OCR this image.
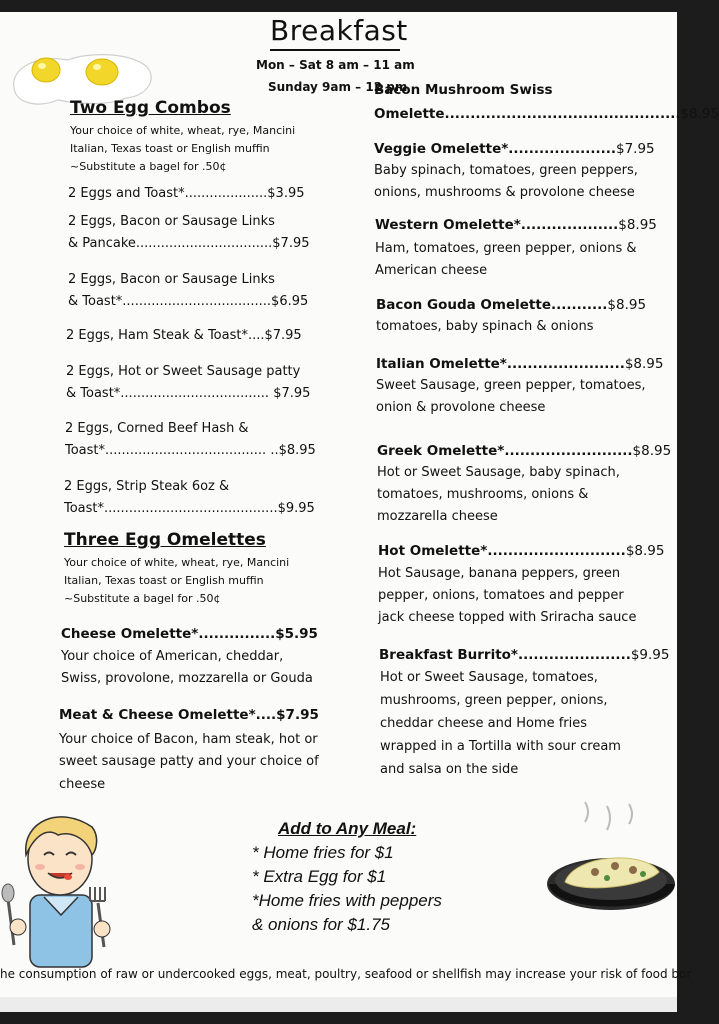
Breakfast
Mon – Sat 8 am – 11 am
Sunday 9am – 12 pm
Two Egg Combos
Your choice of white, wheat, rye, Mancini
Italian, Texas toast or English muffin
~Substitute a bagel for .50¢
2 Eggs and Toast*....................$3.95
2 Eggs, Bacon or Sausage Links
& Pancake.................................$7.95
2 Eggs, Bacon or Sausage Links
& Toast*....................................$6.95
2 Eggs, Ham Steak & Toast*....$7.95
2 Eggs, Hot or Sweet Sausage patty
& Toast*.................................... $7.95
2 Eggs, Corned Beef Hash &
Toast*....................................... ..$8.95
2 Eggs, Strip Steak 6oz &
Toast*..........................................$9.95
Three Egg Omelettes
Your choice of white, wheat, rye, Mancini
Italian, Texas toast or English muffin
~Substitute a bagel for .50¢
Cheese Omelette*...............$5.95
Your choice of American, cheddar,
Swiss, provolone, mozzarella or Gouda
Meat & Cheese Omelette*....$7.95
Your choice of Bacon, ham steak, hot or
sweet sausage patty and your choice of
cheese
Bacon Mushroom Swiss
Omelette..............................................$8.95
Veggie Omelette*.....................$7.95
Baby spinach, tomatoes, green peppers,
onions, mushrooms & provolone cheese
Western Omelette*...................$8.95
Ham, tomatoes, green pepper, onions &
American cheese
Bacon Gouda Omelette...........$8.95
tomatoes, baby spinach & onions
Italian Omelette*.......................$8.95
Sweet Sausage, green pepper, tomatoes,
onion & provolone cheese
Greek Omelette*.........................$8.95
Hot or Sweet Sausage, baby spinach,
tomatoes, mushrooms, onions &
mozzarella cheese
Hot Omelette*...........................$8.95
Hot Sausage, banana peppers, green
pepper, onions, tomatoes and pepper
jack cheese topped with Sriracha sauce
Breakfast Burrito*......................$9.95
Hot or Sweet Sausage, tomatoes,
mushrooms, green pepper, onions,
cheddar cheese and Home fries
wrapped in a Tortilla with sour cream
and salsa on the side
Add to Any Meal:
* Home fries for $1
* Extra Egg for $1
*Home fries with peppers
& onions for $1.75
he consumption of raw or undercooked eggs, meat, poultry, seafood or shellfish may increase your risk of food bor
